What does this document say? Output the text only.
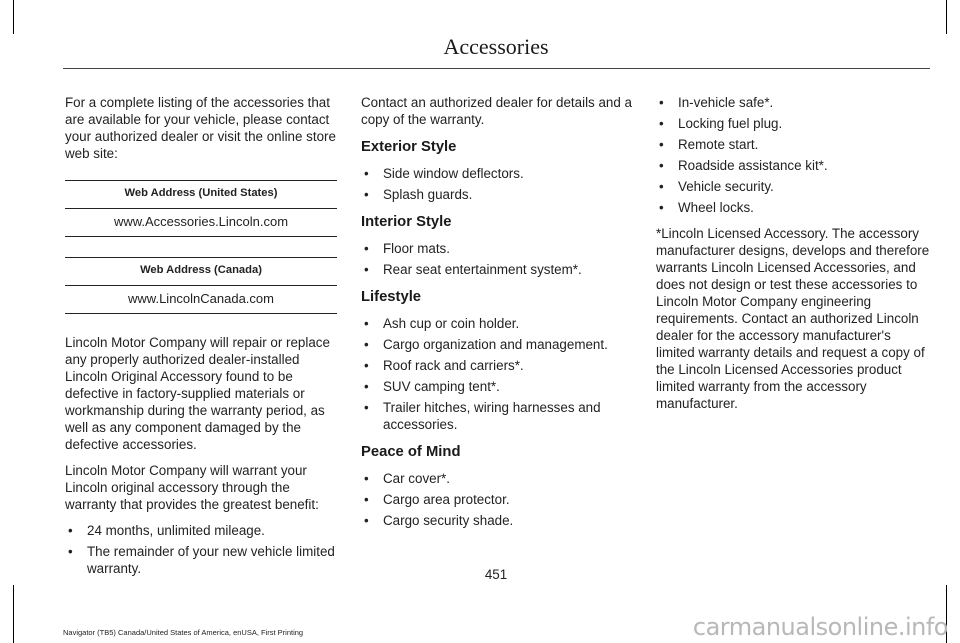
Accessories

For a complete listing of the accessories that are available for your vehicle, please contact your authorized dealer or visit the online store web site:

Web Address (United States)
www.Accessories.Lincoln.com
Web Address (Canada)
www.LincolnCanada.com

Lincoln Motor Company will repair or replace any properly authorized dealer-installed Lincoln Original Accessory found to be defective in factory-supplied materials or workmanship during the warranty period, as well as any component damaged by the defective accessories.

Lincoln Motor Company will warrant your Lincoln original accessory through the warranty that provides the greatest benefit:

• 24 months, unlimited mileage.
• The remainder of your new vehicle limited warranty.

Contact an authorized dealer for details and a copy of the warranty.

Exterior Style
• Side window deflectors.
• Splash guards.
Interior Style
• Floor mats.
• Rear seat entertainment system*.
Lifestyle
• Ash cup or coin holder.
• Cargo organization and management.
• Roof rack and carriers*.
• SUV camping tent*.
• Trailer hitches, wiring harnesses and accessories.
Peace of Mind
• Car cover*.
• Cargo area protector.
• Cargo security shade.
• In-vehicle safe*.
• Locking fuel plug.
• Remote start.
• Roadside assistance kit*.
• Vehicle security.
• Wheel locks.

*Lincoln Licensed Accessory. The accessory manufacturer designs, develops and therefore warrants Lincoln Licensed Accessories, and does not design or test these accessories to Lincoln Motor Company engineering requirements. Contact an authorized Lincoln dealer for the accessory manufacturer's limited warranty details and request a copy of the Lincoln Licensed Accessories product limited warranty from the accessory manufacturer.

451
Navigator (TB5) Canada/United States of America, enUSA, First Printing	carmanualsonline.info
